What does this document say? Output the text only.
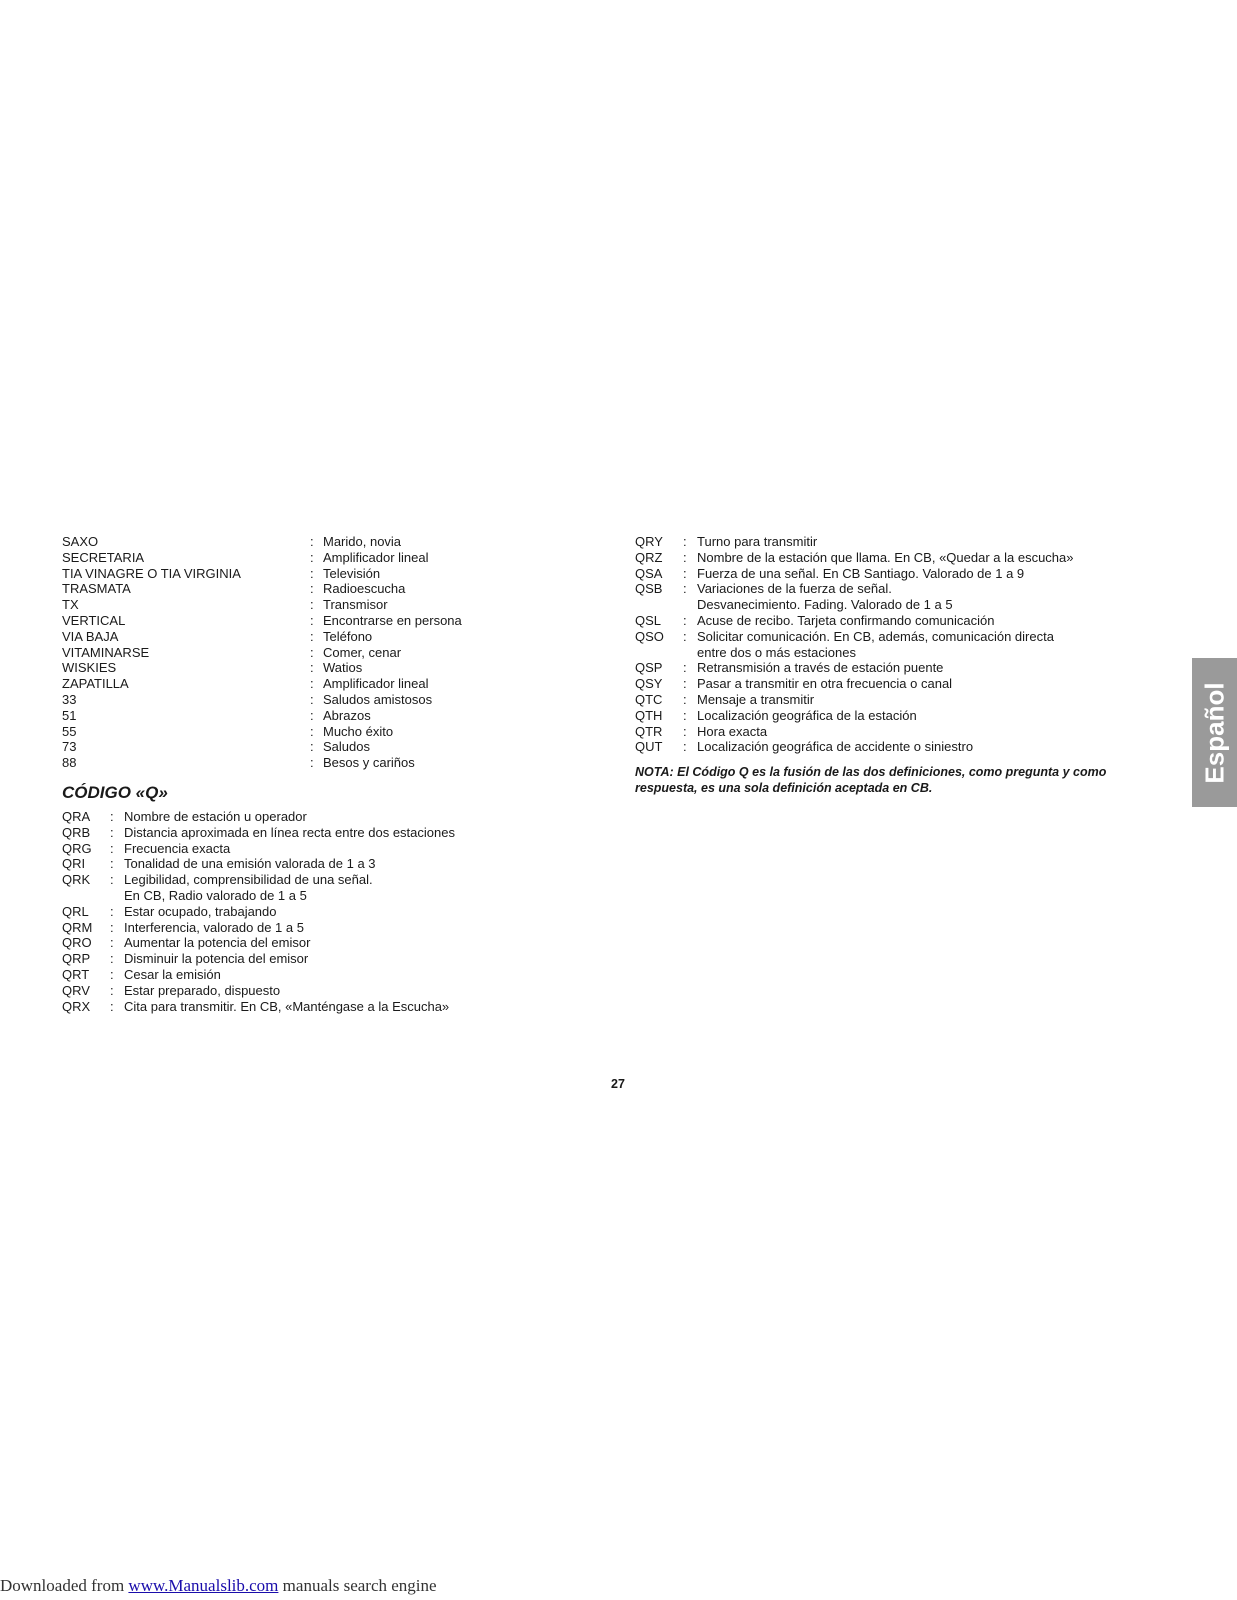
SAXO	: Marido, novia
SECRETARIA	: Amplificador lineal
TIA VINAGRE O TIA VIRGINIA	: Televisión
TRASMATA	: Radioescucha
TX	: Transmisor
VERTICAL	: Encontrarse en persona
VIA BAJA	: Teléfono
VITAMINARSE	: Comer, cenar
WISKIES	: Watios
ZAPATILLA	: Amplificador lineal
33	: Saludos amistosos
51	: Abrazos
55	: Mucho éxito
73	: Saludos
88	: Besos y cariños
CÓDIGO «Q»
QRA : Nombre de estación u operador
QRB : Distancia aproximada en línea recta entre dos estaciones
QRG : Frecuencia exacta
QRI : Tonalidad de una emisión valorada de 1 a 3
QRK : Legibilidad, comprensibilidad de una señal.
En CB, Radio valorado de 1 a 5
QRL : Estar ocupado, trabajando
QRM : Interferencia, valorado de 1 a 5
QRO : Aumentar la potencia del emisor
QRP : Disminuir la potencia del emisor
QRT : Cesar la emisión
QRV : Estar preparado, dispuesto
QRX : Cita para transmitir. En CB, «Manténgase a la Escucha»
QRY : Turno para transmitir
QRZ : Nombre de la estación que llama. En CB, «Quedar a la escucha»
QSA : Fuerza de una señal. En CB Santiago. Valorado de 1 a 9
QSB : Variaciones de la fuerza de señal.
Desvanecimiento. Fading. Valorado de 1 a 5
QSL : Acuse de recibo. Tarjeta confirmando comunicación
QSO : Solicitar comunicación. En CB, además, comunicación directa
entre dos o más estaciones
QSP : Retransmisión a través de estación puente
QSY : Pasar a transmitir en otra frecuencia o canal
QTC : Mensaje a transmitir
QTH : Localización geográfica de la estación
QTR : Hora exacta
QUT : Localización geográfica de accidente o siniestro
NOTA: El Código Q es la fusión de las dos definiciones, como pregunta y como respuesta, es una sola definición aceptada en CB.
27
Español
Downloaded from www.Manualslib.com manuals search engine
